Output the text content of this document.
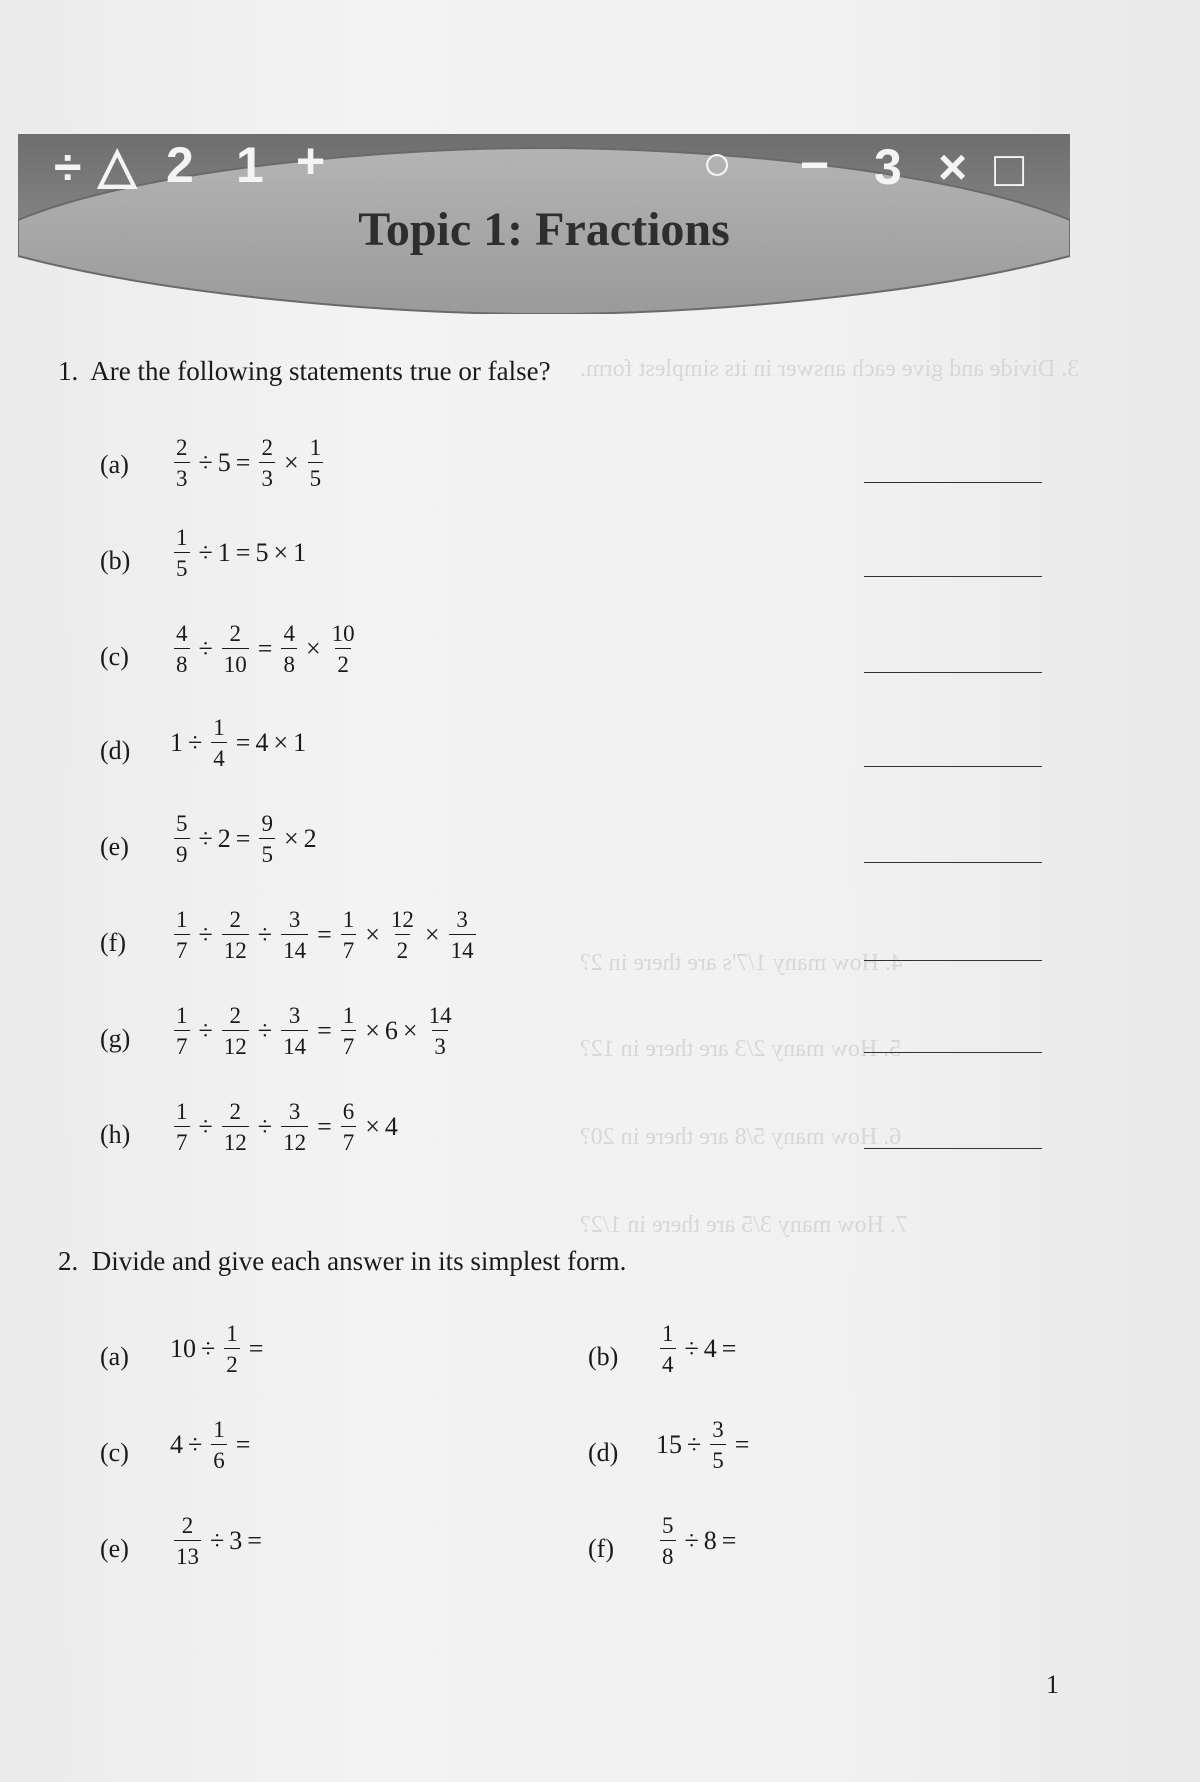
3. Divide and give each answer in its simplest form.
4. How many 1/7's are there in 2?
5. How many 2/3 are there in 12?
6. How many 5/8 are there in 20?
7. How many 3/5 are there in 1/2?
÷ △ 2 1 +	○ − 3 × □
Topic 1: Fractions
1. Are the following statements true or false?
$(a) \frac{2}{3} \div 5 = \frac{2}{3} \times \frac{1}{5}$
$(b) \frac{1}{5} \div 1 = 5 \times 1$
$(c) \frac{4}{8} \div \frac{2}{10} = \frac{4}{8} \times \frac{10}{2}$
(d) $1 \div \frac{1}{4} = 4 \times 1$
$(e) \frac{5}{9} \div 2 = \frac{9}{5} \times 2$
$(f) \frac{1}{7} \div \frac{2}{12} \div \frac{3}{14} = \frac{1}{7} \times \frac{12}{2} \times \frac{3}{14}$
$(g) \frac{1}{7} \div \frac{2}{12} \div \frac{3}{14} = \frac{1}{7} \times 6 \times \frac{14}{3}$
$(h) \frac{1}{7} \div \frac{2}{12} \div \frac{3}{12} = \frac{6}{7} \times 4$
2. Divide and give each answer in its simplest form.
(a) $10 \div \frac{1}{2}$ =	$(b) \frac{1}{4} \div 4$ =
(c) $4 \div \frac{1}{6}$ =	(d) $15 \div \frac{3}{5}$ =
$(e) \frac{2}{13} \div 3$ =	$(f) \frac{5}{8} \div 8$ =
1
